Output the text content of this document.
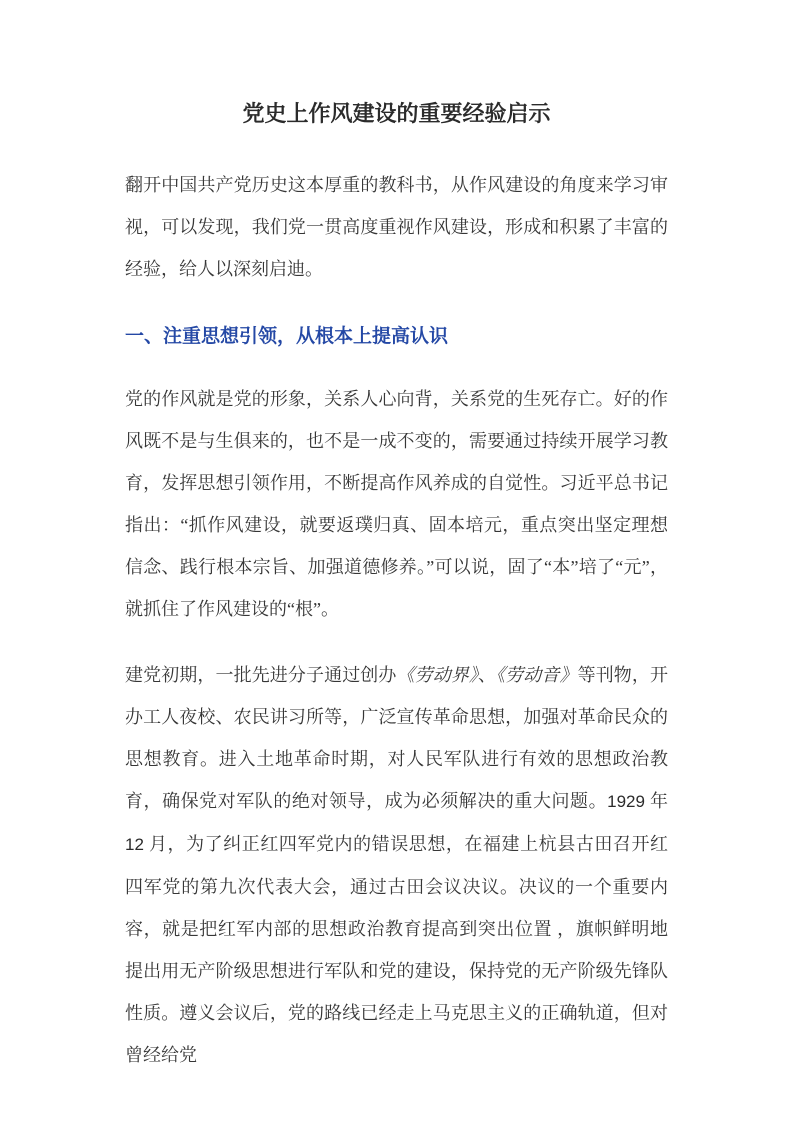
党史上作风建设的重要经验启示

翻开中国共产党历史这本厚重的教科书，从作风建设的角度来学习审视，可以发现，我们党一贯高度重视作风建设，形成和积累了丰富的经验，给人以深刻启迪。

一、注重思想引领，从根本上提高认识

党的作风就是党的形象，关系人心向背，关系党的生死存亡。好的作风既不是与生俱来的，也不是一成不变的，需要通过持续开展学习教育，发挥思想引领作用，不断提高作风养成的自觉性。习近平总书记指出：“抓作风建设，就要返璞归真、固本培元，重点突出坚定理想信念、践行根本宗旨、加强道德修养。”可以说，固了“本”培了“元”，就抓住了作风建设的“根”。

建党初期，一批先进分子通过创办《劳动界》、《劳动音》等刊物，开办工人夜校、农民讲习所等，广泛宣传革命思想，加强对革命民众的思想教育。进入土地革命时期，对人民军队进行有效的思想政治教育，确保党对军队的绝对领导，成为必须解决的重大问题。1929 年 12 月，为了纠正红四军党内的错误思想，在福建上杭县古田召开红四军党的第九次代表大会，通过古田会议决议。决议的一个重要内容，就是把红军内部的思想政治教育提高到突出位置 ，旗帜鲜明地提出用无产阶级思想进行军队和党的建设，保持党的无产阶级先锋队性质。遵义会议后，党的路线已经走上马克思主义的正确轨道，但对曾经给党
